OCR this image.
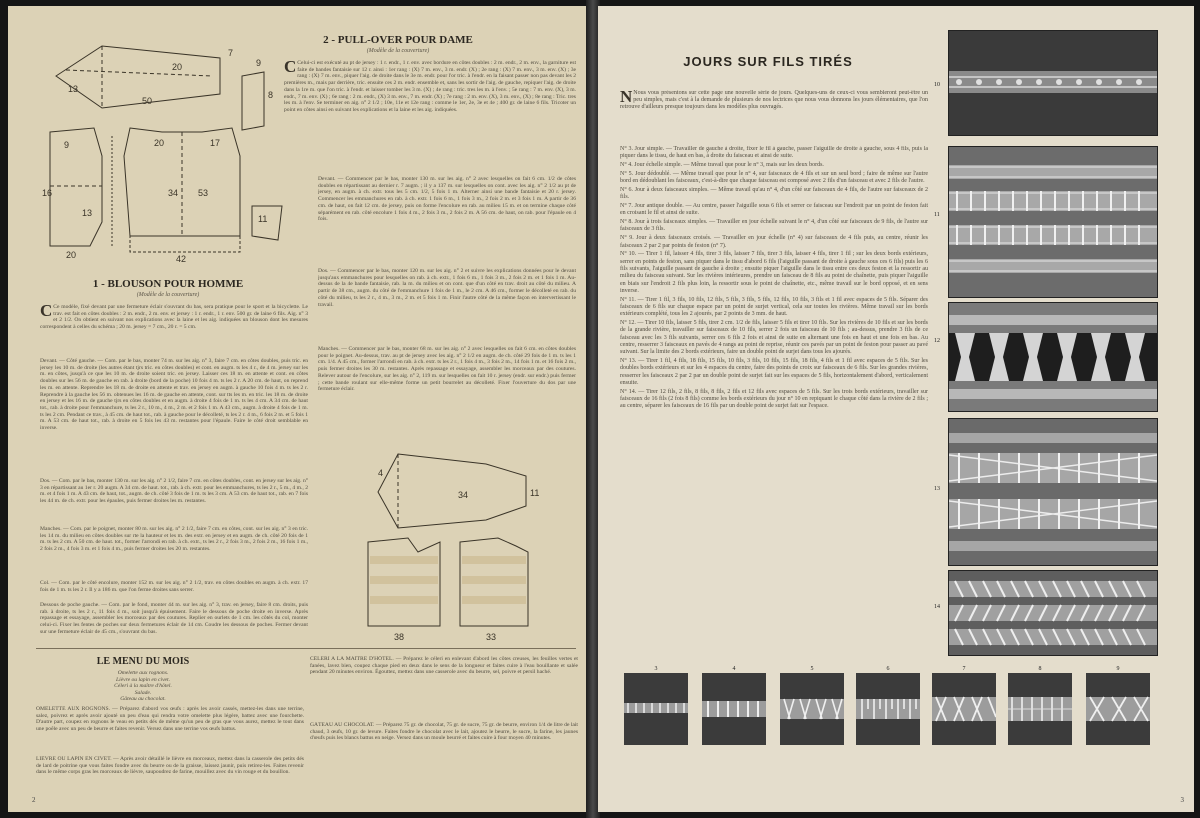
7
20
50
13
8
9
9
20
13
16	34 53
20	17
42
11
2 - PULL-OVER POUR DAME
(Modèle de la couverture)
C Celui-ci est exécuté au pt de jersey : 1 r. endr., 1 r. env. avec bordure en côtes doubles : 2 m. endr., 2 m. env., la garniture est faite de bandes fantaisie sur 12 r. ainsi : 1er rang : (X) 7 m. env., 3 m. endr. (X) ; 2e rang : (X) 7 m. env., 3 m. env. (X) ; 3e rang : (X) 7 m. env., piquer l'aig. de droite dans le 3e m. endr. pour l'or tric. à l'endr. en la faisant passer non pas devant les 2 premières m., mais par derrière, tric. ensuite ces 2 m. endr. ensemble et, sans les sortir de l'aig. de gauche, repiquer l'aig. de droite dans la 1re m. que l'on tric. à l'endr. et laisser tomber les 3 m. (X) ; 4e rang : tric. tres les m. à l'env. ; 5e rang : 7 m. env. (X), 3 m. endr., 7 m. env. (X) ; 6e rang : 2 m. endr., (X) 3 m. env., 7 m. endr. (X) ; 7e rang : 2 m. env. (X), 3 m. env., (X) ; 8e rang : Tric. tres les m. à l'env. Se terminer en aig. n° 2 1/2 ; 10e, 11e et 12e rang : comme le 1er, 2e, 3e et 4e ; 400 gr. de laine 6 fils. Tricoter un point en côtes ainsi en suivant les explications et la laine et les aig. indiquées.
Devant. — Commencer par le bas, monter 130 m. sur les aig. n° 2 avec lesquelles on fait 6 cm. 1/2 de côtes doubles en répartissant au dernier r. 7 augm. ; il y a 137 m. sur lesquelles on cont. avec les aig. n° 2 1/2 au pt de jersey, en augm. à ch. extr. tous les 5 cm. 1/2, 5 fois 1 m. Alterner ainsi une bande fantaisie et 20 r. jersey. Commencer les emmanchures en rab. à ch. extr. 1 fois 6 m., 1 fois 3 m., 2 fois 2 m. et 3 fois 1 m. A partir de 36 cm. de haut, on fait 12 cm. de jersey, puis on forme l'encolure en rab. au milieu 15 m. et on termine chaque côté séparément en rab. côté encolure 1 fois 4 m., 2 fois 3 m., 2 fois 2 m. A 56 cm. de haut, on rab. pour l'épaule en 4 fois.
Dos. — Commencer par le bas, monter 120 m. sur les aig. n° 2 et suivre les explications données pour le devant jusqu'aux emmanchures pour lesquelles on rab. à ch. extr., 1 fois 6 m., 1 fois 3 m., 2 fois 2 m. et 1 fois 1 m. Au-dessus de la 4e bande fantaisie, rab. la m. du milieu et on cont. que d'un côté en trav. droit au côté du milieu. A partir de 38 cm., augm. du côté de l'emmanchure 1 fois de 1 m., le 2 cm. A 46 cm., former le décolleté en rab. du côté du milieu, ts les 2 r., 4 m., 3 m., 2 m. et 5 fois 1 m. Finir l'autre côté de la même façon en intervertissant le travail.
Manches. — Commencer par le bas, monter 68 m. sur les aig. n° 2 avec lesquelles on fait 6 cm. en côtes doubles pour le poignet. Au-dessus, trav. au pt de jersey avec les aig. n° 2 1/2 en augm. de ch. côté 29 fois de 1 m. ts les 1 cm. 1/4. A 45 cm., former l'arrondi en rab. à ch. extr. ts les 2 r., 1 fois 4 m., 3 fois 2 m., 14 fois 1 m. et 16 fois 2 m., puis fermer droites les 30 m. restantes. Après repassage et essayage, assembler les morceaux par des coutures. Relever autour de l'encolure, sur les aig. n° 2, 119 m. sur lesquelles on fait 10 r. jersey (endr. sur endr.) puis fermer ; cette bande roulant sur elle-même forme un petit bourrelet au décolleté. Fixer l'ouverture du dos par une fermeture éclair.
1 - BLOUSON POUR HOMME
(Modèle de la couverture)
C Ce modèle, fixé devant par une fermeture éclair s'ouvrant du bas, sera pratique pour le sport et la bicyclette. Le trav. est fait en côtes doubles : 2 m. endr., 2 m. env. et jersey : 1 r. endr., 1 r. env. 500 gr. de laine 6 fils. Aig. n° 3 et 2 1/2. On obtient en suivant nos explications avec la laine et les aig. indiquées un blouson dont les mesures correspondent à celles du schéma ; 20 m. jersey = 7 cm., 20 r. = 5 cm.
Devant. — Côté gauche. — Com. par le bas, monter 74 m. sur les aig. n° 3, faire 7 cm. en côtes doubles, puis tric. en jersey les 10 m. de droite (les autres étant tjrs tric. en côtes doubles) et cont. en augm. ts les 4 r., de 4 m. jersey sur les m. en côtes, jusqu'à ce que les 10 m. de droite soient tric. en jersey. Laisser ces 18 m. en attente et cont. en côtes doubles sur les 56 m. de gauche en rab. à droite (bord de la poche) 10 fois 4 m. ts les 2 r. A 20 cm. de haut, on reprend les m. en attente. Reprendre les 18 m. de droite en attente et trav. en jersey en augm. à gauche 10 fois 4 m. ts les 2 r. Reprendre à la gauche les 56 m. obtenues les 16 m. de gauche en attente, cont. sur tts les m. en tric. les 18 m. de droite en jersey et les 16 m. de gauche tjrs en côtes doubles et en augm. à droite 4 fois de 1 m. ts les 4 cm. A 34 cm. de haut tot., rab. à droite pour l'emmanchure, ts les 2 r., 10 m., 4 m., 2 m. et 2 fois 1 m. A 43 cm., augm. à droite 4 fois de 1 m. ts les 2 cm. Pendant ce trav., à 45 cm. de haut tot., rab. à gauche pour le décolleté, ts les 2 r. 4 m., 6 fois 2 m. et 5 fois 1 m. A 53 cm. de haut tot., rab. à droite en 5 fois les 43 m. restantes pour l'épaule. Faire le côté droit semblable en inverse.
Dos. — Com. par le bas, monter 130 m. sur les aig. n° 2 1/2, faire 7 cm. en côtes doubles, cont. en jersey sur les aig. n° 3 en répartissant au 1er r. 20 augm. A 34 cm. de haut. tot., rab. à ch. extr. pour les emmanchures, ts les 2 r., 5 m., 4 m., 2 m. et 4 fois 1 m. A 43 cm. de haut, tot., augm. de ch. côté 3 fois de 1 m. ts les 3 cm. A 53 cm. de haut tot., rab. en 7 fois les 44 m. de ch. extr. pour les épaules, puis fermer droites les m. restantes.
Manches. — Com. par le poignet, monter 80 m. sur les aig. n° 2 1/2, faire 7 cm. en côtes, cont. sur les aig. n° 3 en tric. les 14 m. du milieu en côtes doubles sur rte la hauteur et les m. des extr. en jersey et en augm. de ch. côté 20 fois de 1 m. ts les 2 cm. A 50 cm. de haut. tot., former l'arrondi en rab. à ch. extr., ts les 2 r., 2 fois 3 m., 2 fois 2 m., 16 fois 1 m., 2 fois 2 m., 4 fois 3 m. et 1 fois 4 m., puis fermer droites les 20 m. restantes.
Col. — Com. par le côté encolure, monter 152 m. sur les aig. n° 2 1/2, trav. en côtes doubles en augm. à ch. extr. 17 fois de 1 m. ts les 2 r. Il y a 186 m. que l'on ferme droites sans serrer.
Dessous de poche gauche. — Com. par le fond, monter 44 m. sur les aig. n° 3, trav. en jersey, faire 8 cm. droits, puis rab. à droite, ts les 2 r., 11 fois 4 m., soit jusqu'à épuisement. Faire le dessous de poche droite en inverse. Après repassage et essayage, assembler les morceaux par des coutures. Replier en ourlets de 1 cm. les côtés du col, monter celui-ci. Fixer les fentes de poches sur deux fermetures éclair de 14 cm. Coudre les dessous de poches. Fermer devant sur une fermeture éclair de 45 cm., s'ouvrant du bas.
4
34	11
38	33
LE MENU DU MOIS
Omelette aux rognons.
Lièvre ou lapin en civet.
Céleri à la maître d'hôtel.
Salade.
Gâteau au chocolat.
OMELETTE AUX ROGNONS. — Préparez d'abord vos œufs : après les avoir cassés, mettez-les dans une terrine, salez, poivrez et après avoir ajouté un peu d'eau qui rendra votre omelette plus légère, battez avec une fourchette. D'autre part, coupez en rognons le veau en petits dés de même qu'un peu de gras que vous aurez, mettez le tout dans une poêle avec un peu de beurre et faites revenir. Versez dans une terrine vos œufs battus.
LIÈVRE OU LAPIN EN CIVET. — Après avoir détaillé le lièvre en morceaux, mettez dans la casserole des petits dés de lard de poitrine que vous faites fondre avec du beurre ou de la graisse, laissez jaunir, puis retirez-les. Faites revenir dans le même corps gras les morceaux de lièvre, saupoudrez de farine, mouillez avec du vin rouge et du bouillon.
CÉLERI A LA MAÎTRE D'HÔTEL. — Préparez le céleri en enlevant d'abord les côtes creuses, les feuilles vertes et fanées, lavez bien, coupez chaque pied en deux dans le sens de la longueur et faites cuire à l'eau bouillante et salée pendant 20 minutes environ. Égouttez, mettez dans une casserole avec du beurre, sel, poivre et persil haché.
GÂTEAU AU CHOCOLAT. — Préparez 75 gr. de chocolat, 75 gr. de sucre, 75 gr. de beurre, environ 1/4 de litre de lait chaud, 3 œufs, 10 gr. de levure. Faites fondre le chocolat avec le lait, ajoutez le beurre, le sucre, la farine, les jaunes d'œufs puis les blancs battus en neige. Versez dans un moule beurré et faites cuire à four moyen 40 minutes.
2
JOURS SUR FILS TIRÉS
N Nous vous présentons sur cette page une nouvelle série de jours. Quelques-uns de ceux-ci vous sembleront peut-être un peu simples, mais c'est à la demande de plusieurs de nos lectrices que nous vous donnons les jours élémentaires, que l'on retrouve d'ailleurs presque toujours dans les modèles plus ouvragés.

N° 3. Jour simple. — Travailler de gauche à droite, fixer le fil à gauche, passer l'aiguille de droite à gauche, sous 4 fils, puis la piquer dans le tissu, de haut en bas, à droite du faisceau et ainsi de suite.

N° 4. Jour échelle simple. — Même travail que pour le n° 3, mais sur les deux bords.

N° 5. Jour dédoublé. — Même travail que pour le n° 4, sur faisceaux de 4 fils et sur un seul bord ; faire de même sur l'autre bord en dédoublant les faisceaux, c'est-à-dire que chaque faisceau est composé avec 2 fils d'un faisceau et avec 2 fils de l'autre.

N° 6. Jour à deux faisceaux simples. — Même travail qu'au n° 4, d'un côté sur faisceaux de 4 fils, de l'autre sur faisceaux de 2 fils.

N° 7. Jour antique double. — Au centre, passer l'aiguille sous 6 fils et serrer ce faisceau sur l'endroit par un point de feston fait en croisant le fil et ainsi de suite.

N° 8. Jour à trois faisceaux simples. — Travailler en jour échelle suivant le n° 4, d'un côté sur faisceaux de 9 fils, de l'autre sur faisceaux de 3 fils.

N° 9. Jour à deux faisceaux croisés. — Travailler en jour échelle (n° 4) sur faisceaux de 4 fils puis, au centre, réunir les faisceaux 2 par 2 par points de feston (n° 7).

N° 10. — Tirer 1 fil, laisser 4 fils, tirer 3 fils, laisser 7 fils, tirer 3 fils, laisser 4 fils, tirer 1 fil ; sur les deux bords extérieurs, serrer en points de feston, sans piquer dans le tissu d'abord 6 fils (l'aiguille passant de droite à gauche sous ces 6 fils) puis les 6 fils suivants, l'aiguille passant de gauche à droite ; ensuite piquer l'aiguille dans le tissu entre ces deux feston et la ressortir au milieu du faisceau suivant. Sur les rivières intérieures, prendre un faisceau de 8 fils au point de chaînette, puis piquer l'aiguille en biais sur l'endroit 2 fils plus loin, la ressortir sous le point de chaînette, etc., même travail sur le bord opposé, et en sens inverse.

N° 11. — Tirer 1 fil, 3 fils, 10 fils, 12 fils, 5 fils, 3 fils, 5 fils, 12 fils, 10 fils, 3 fils et 1 fil avec espaces de 5 fils. Séparer des faisceaux de 6 fils sur chaque espace par un point de surjet vertical, cela sur toutes les rivières. Même travail sur les bords extérieurs complété, tous les 2 ajourés, par 2 points de 3 mm. de haut.

N° 12. — Tirer 10 fils, laisser 5 fils, tirer 2 cm. 1/2 de fils, laisser 5 fils et tirer 10 fils. Sur les rivières de 10 fils et sur les bords de la grande rivière, travailler sur faisceaux de 10 fils, serrer 2 fois un faisceau de 10 fils ; au-dessus, prendre 3 fils de ce faisceau avec les 3 fils suivants, serrer ces 6 fils 2 fois et ainsi de suite en alternant une fois en haut et une fois en bas. Au centre, resserrer 3 faisceaux en pavés de 4 rangs au point de reprise, réunir ces pavés par un point de feston pour passer au pavé suivant. Sur la limite des 2 bords extérieurs, faire un double point de surjet dans tous les ajourés.

N° 13. — Tirer 1 fil, 4 fils, 18 fils, 15 fils, 10 fils, 3 fils, 10 fils, 15 fils, 18 fils, 4 fils et 1 fil avec espaces de 5 fils. Sur les doubles bords extérieurs et sur les 4 espaces du centre, faire des points de croix sur faisceaux de 6 fils. Sur les grandes rivières, resserrer les faisceaux 2 par 2 par un double point de surjet fait sur les espaces de 5 fils, horizontalement d'abord, verticalement ensuite.

N° 14. — Tirer 12 fils, 2 fils, 8 fils, 8 fils, 2 fils et 12 fils avec espaces de 5 fils. Sur les trois bords extérieurs, travailler sur faisceaux de 16 fils (2 fois 8 fils) comme les bords extérieurs du jour n° 10 en repiquant le chaque côté dans la rivière de 2 fils ; au centre, séparer les faisceaux de 16 fils par un double point de surjet fait sur l'espace.

10
11
12
13
14
3	4	5	6	7	8	9
3
